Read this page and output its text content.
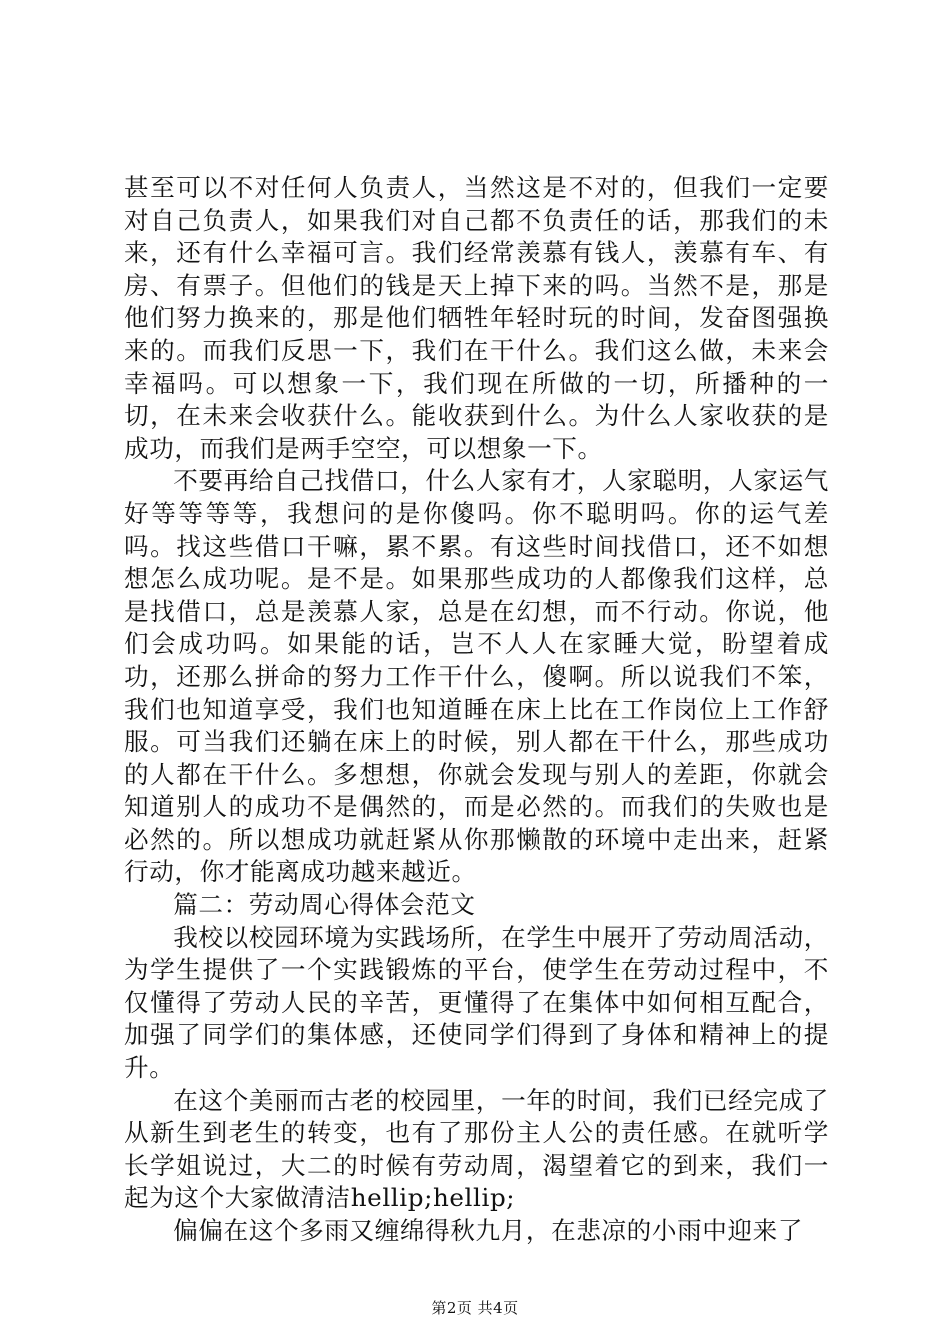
甚至可以不对任何人负责人，当然这是不对的，但我们一定要对自己负责人，如果我们对自己都不负责任的话，那我们的未来，还有什么幸福可言。我们经常羡慕有钱人，羡慕有车、有房、有票子。但他们的钱是天上掉下来的吗。当然不是，那是他们努力换来的，那是他们牺牲年轻时玩的时间，发奋图强换来的。而我们反思一下，我们在干什么。我们这么做，未来会幸福吗。可以想象一下，我们现在所做的一切，所播种的一切，在未来会收获什么。能收获到什么。为什么人家收获的是成功，而我们是两手空空，可以想象一下。

不要再给自己找借口，什么人家有才，人家聪明，人家运气好等等等等，我想问的是你傻吗。你不聪明吗。你的运气差吗。找这些借口干嘛，累不累。有这些时间找借口，还不如想想怎么成功呢。是不是。如果那些成功的人都像我们这样，总是找借口，总是羡慕人家，总是在幻想，而不行动。你说，他们会成功吗。如果能的话，岂不人人在家睡大觉，盼望着成功，还那么拼命的努力工作干什么，傻啊。所以说我们不笨，我们也知道享受，我们也知道睡在床上比在工作岗位上工作舒服。可当我们还躺在床上的时候，别人都在干什么，那些成功的人都在干什么。多想想，你就会发现与别人的差距，你就会知道别人的成功不是偶然的，而是必然的。而我们的失败也是必然的。所以想成功就赶紧从你那懒散的环境中走出来，赶紧行动，你才能离成功越来越近。

篇二：劳动周心得体会范文

我校以校园环境为实践场所，在学生中展开了劳动周活动，为学生提供了一个实践锻炼的平台，使学生在劳动过程中，不仅懂得了劳动人民的辛苦，更懂得了在集体中如何相互配合，加强了同学们的集体感，还使同学们得到了身体和精神上的提升。

在这个美丽而古老的校园里，一年的时间，我们已经完成了从新生到老生的转变，也有了那份主人公的责任感。在就听学长学姐说过，大二的时候有劳动周，渴望着它的到来，我们一起为这个大家做清洁hellip;hellip;

偏偏在这个多雨又缠绵得秋九月，在悲凉的小雨中迎来了

第2页 共4页
